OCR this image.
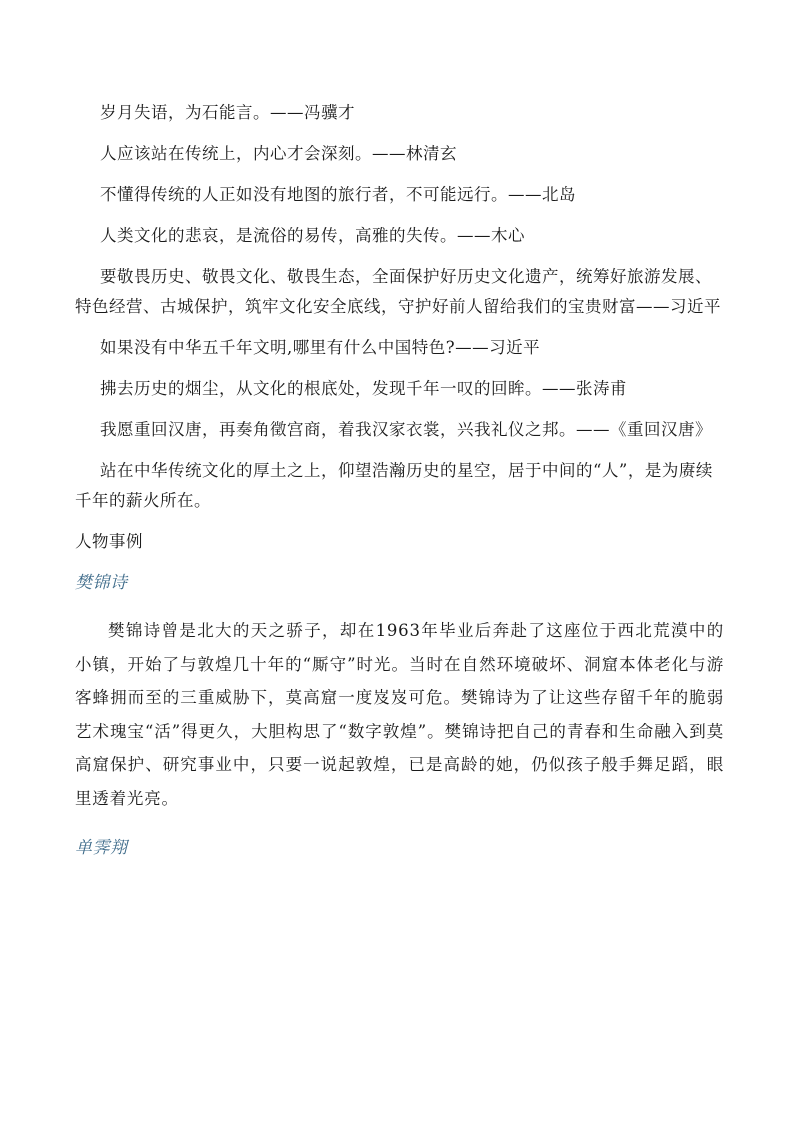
岁月失语，为石能言。——冯骥才

人应该站在传统上，内心才会深刻。——林清玄

不懂得传统的人正如没有地图的旅行者，不可能远行。——北岛

人类文化的悲哀，是流俗的易传，高雅的失传。——木心

要敬畏历史、敬畏文化、敬畏生态，全面保护好历史文化遗产，统筹好旅游发展、特色经营、古城保护，筑牢文化安全底线，守护好前人留给我们的宝贵财富——习近平

如果没有中华五千年文明,哪里有什么中国特色?——习近平

拂去历史的烟尘，从文化的根底处，发现千年一叹的回眸。——张涛甫

我愿重回汉唐，再奏角徵宫商，着我汉家衣裳，兴我礼仪之邦。——《重回汉唐》

站在中华传统文化的厚土之上，仰望浩瀚历史的星空，居于中间的“人”，是为赓续千年的薪火所在。

人物事例

樊锦诗

樊锦诗曾是北大的天之骄子，却在1963年毕业后奔赴了这座位于西北荒漠中的小镇，开始了与敦煌几十年的“厮守”时光。当时在自然环境破坏、洞窟本体老化与游客蜂拥而至的三重威胁下，莫高窟一度岌岌可危。樊锦诗为了让这些存留千年的脆弱艺术瑰宝“活”得更久，大胆构思了“数字敦煌”。樊锦诗把自己的青春和生命融入到莫高窟保护、研究事业中，只要一说起敦煌，已是高龄的她，仍似孩子般手舞足蹈，眼里透着光亮。

单霁翔
